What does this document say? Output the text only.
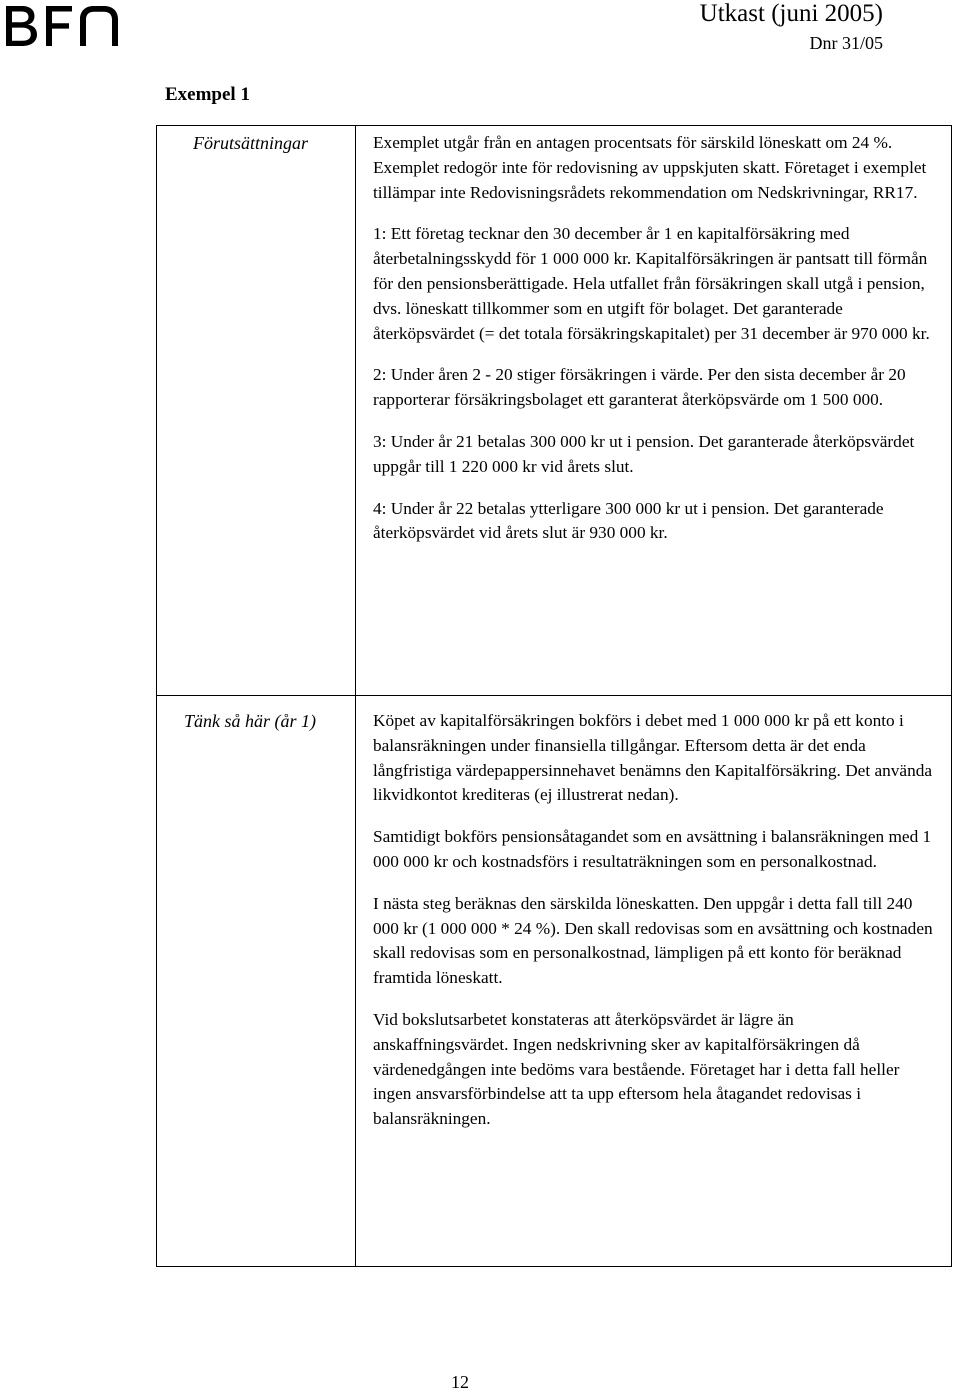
Utkast (juni 2005)
Dnr 31/05
Exempel 1
Förutsättningar	Exemplet utgår från en antagen procentsats för särskild löneskatt om 24 %. Exemplet redogör inte för redovisning av uppskjuten skatt. Företaget i exemplet tillämpar inte Redovisningsrådets rekommendation om Nedskrivningar, RR17.

1: Ett företag tecknar den 30 december år 1 en kapitalförsäkring med återbetalningsskydd för 1 000 000 kr. Kapitalförsäkringen är pantsatt till förmån för den pensionsberättigade. Hela utfallet från försäkringen skall utgå i pension, dvs. löneskatt tillkommer som en utgift för bolaget. Det garanterade återköpsvärdet (= det totala försäkringskapitalet) per 31 december är 970 000 kr.

2: Under åren 2 - 20 stiger försäkringen i värde. Per den sista december år 20 rapporterar försäkringsbolaget ett garanterat återköpsvärde om 1 500 000.

3: Under år 21 betalas 300 000 kr ut i pension. Det garanterade återköpsvärdet uppgår till 1 220 000 kr vid årets slut.

4: Under år 22 betalas ytterligare 300 000 kr ut i pension. Det garanterade återköpsvärdet vid årets slut är 930 000 kr.

Tänk så här (år 1)	Köpet av kapitalförsäkringen bokförs i debet med 1 000 000 kr på ett konto i balansräkningen under finansiella tillgångar. Eftersom detta är det enda långfristiga värdepappersinnehavet benämns den Kapitalförsäkring. Det använda likvidkontot krediteras (ej illustrerat nedan).

Samtidigt bokförs pensionsåtagandet som en avsättning i balansräkningen med 1 000 000 kr och kostnadsförs i resultaträkningen som en personalkostnad.

I nästa steg beräknas den särskilda löneskatten. Den uppgår i detta fall till 240 000 kr (1 000 000 * 24 %). Den skall redovisas som en avsättning och kostnaden skall redovisas som en personalkostnad, lämpligen på ett konto för beräknad framtida löneskatt.

Vid bokslutsarbetet konstateras att återköpsvärdet är lägre än anskaffningsvärdet. Ingen nedskrivning sker av kapitalförsäkringen då värdenedgången inte bedöms vara bestående. Företaget har i detta fall heller ingen ansvarsförbindelse att ta upp eftersom hela åtagandet redovisas i balansräkningen.

12
